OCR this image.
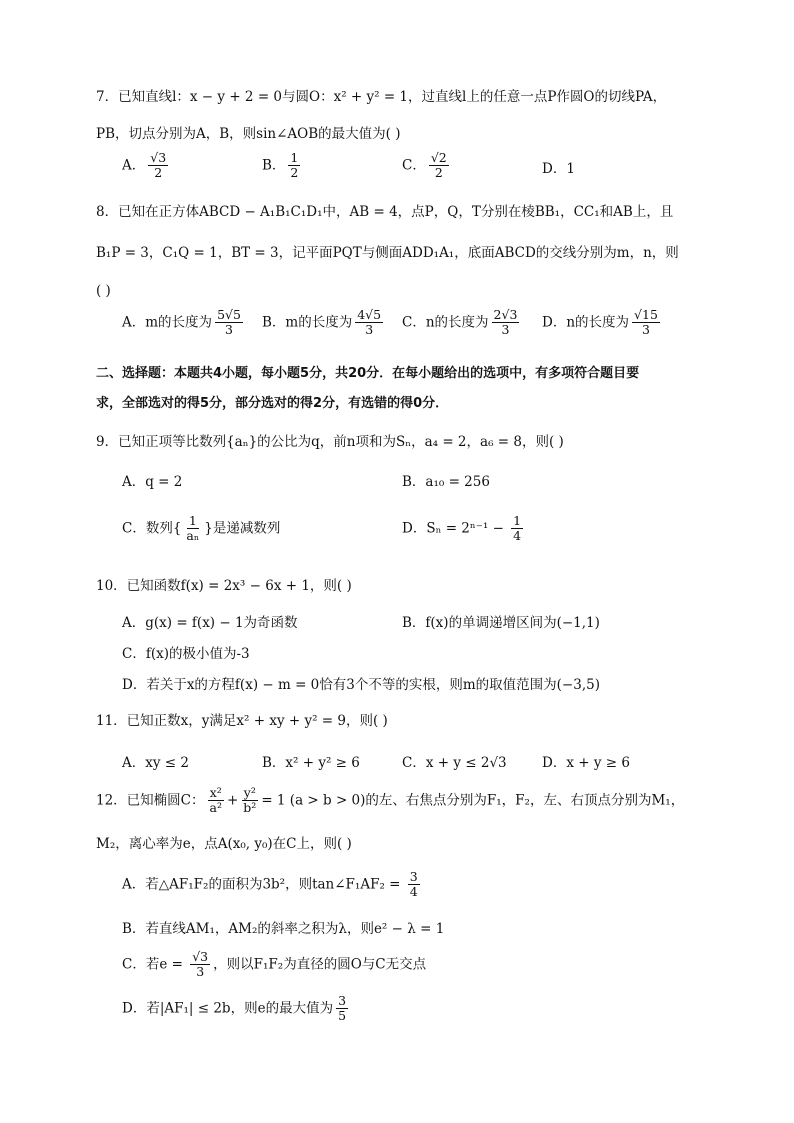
7．已知直线l：x − y + 2 = 0与圆O：x² + y² = 1，过直线l上的任意一点P作圆O的切线PA，
PB，切点分别为A，B，则sin∠AOB的最大值为( )
A． $\frac{√3}{2}$	B． $\frac{1}{2}$	C． $\frac{√2}{2}$	D．1
8．已知在正方体ABCD − A₁B₁C₁D₁中，AB = 4，点P，Q，T分别在棱BB₁，CC₁和AB上，且
B₁P = 3，C₁Q = 1，BT = 3，记平面PQT与侧面ADD₁A₁，底面ABCD的交线分别为m，n，则
( )
A．m的长度为 $\frac{5√5}{3}$ B．m的长度为 $\frac{4√5}{3}$ C．n的长度为 $\frac{2√3}{3}$ D．n的长度为 $\frac{√15}{3}$
二、选择题：本题共4小题，每小题5分，共20分．在每小题给出的选项中，有多项符合题目要
求，全部选对的得5分，部分选对的得2分，有选错的得0分．
9．已知正项等比数列{aₙ}的公比为q，前n项和为Sₙ，a₄ = 2，a₆ = 8，则( )
A．q = 2	B．a₁₀ = 256
C．数列{ $\frac{1}{\text{aₙ}}$ }是递减数列	D．$S_n = 2^{n-1} - \frac{1}{4}$
10．已知函数f(x) = 2x³ − 6x + 1，则( )
A．g(x) = f(x) − 1为奇函数	B．f(x)的单调递增区间为(−1,1)
C．f(x)的极小值为-3
D．若关于x的方程f(x) − m = 0恰有3个不等的实根，则m的取值范围为(−3,5)
11．已知正数x，y满足x² + xy + y² = 9，则( )
A．xy ≤ 2	B．x² + y² ≥ 6	C．x + y ≤ 2√3	D．x + y ≥ 6
12．已知椭圆C： $\frac{\text{x²}}{\text{a²}} + \frac{\text{y²}}{\text{b²}} = 1$ (a > b > 0)的左、右焦点分别为F₁，F₂，左、右顶点分别为M₁，
M₂，离心率为e，点A(x₀, y₀)在C上，则( )
A．若△AF₁F₂的面积为3b²，则tan∠F₁AF₂ = $\frac{3}{4}$
B．若直线AM₁，AM₂的斜率之积为λ，则e² − λ = 1
C．若$e = \frac{√3}{3}$ ，则以F₁F₂为直径的圆O与C无交点
D．若|AF₁| ≤ 2b，则e的最大值为 $\frac{3}{5}$
